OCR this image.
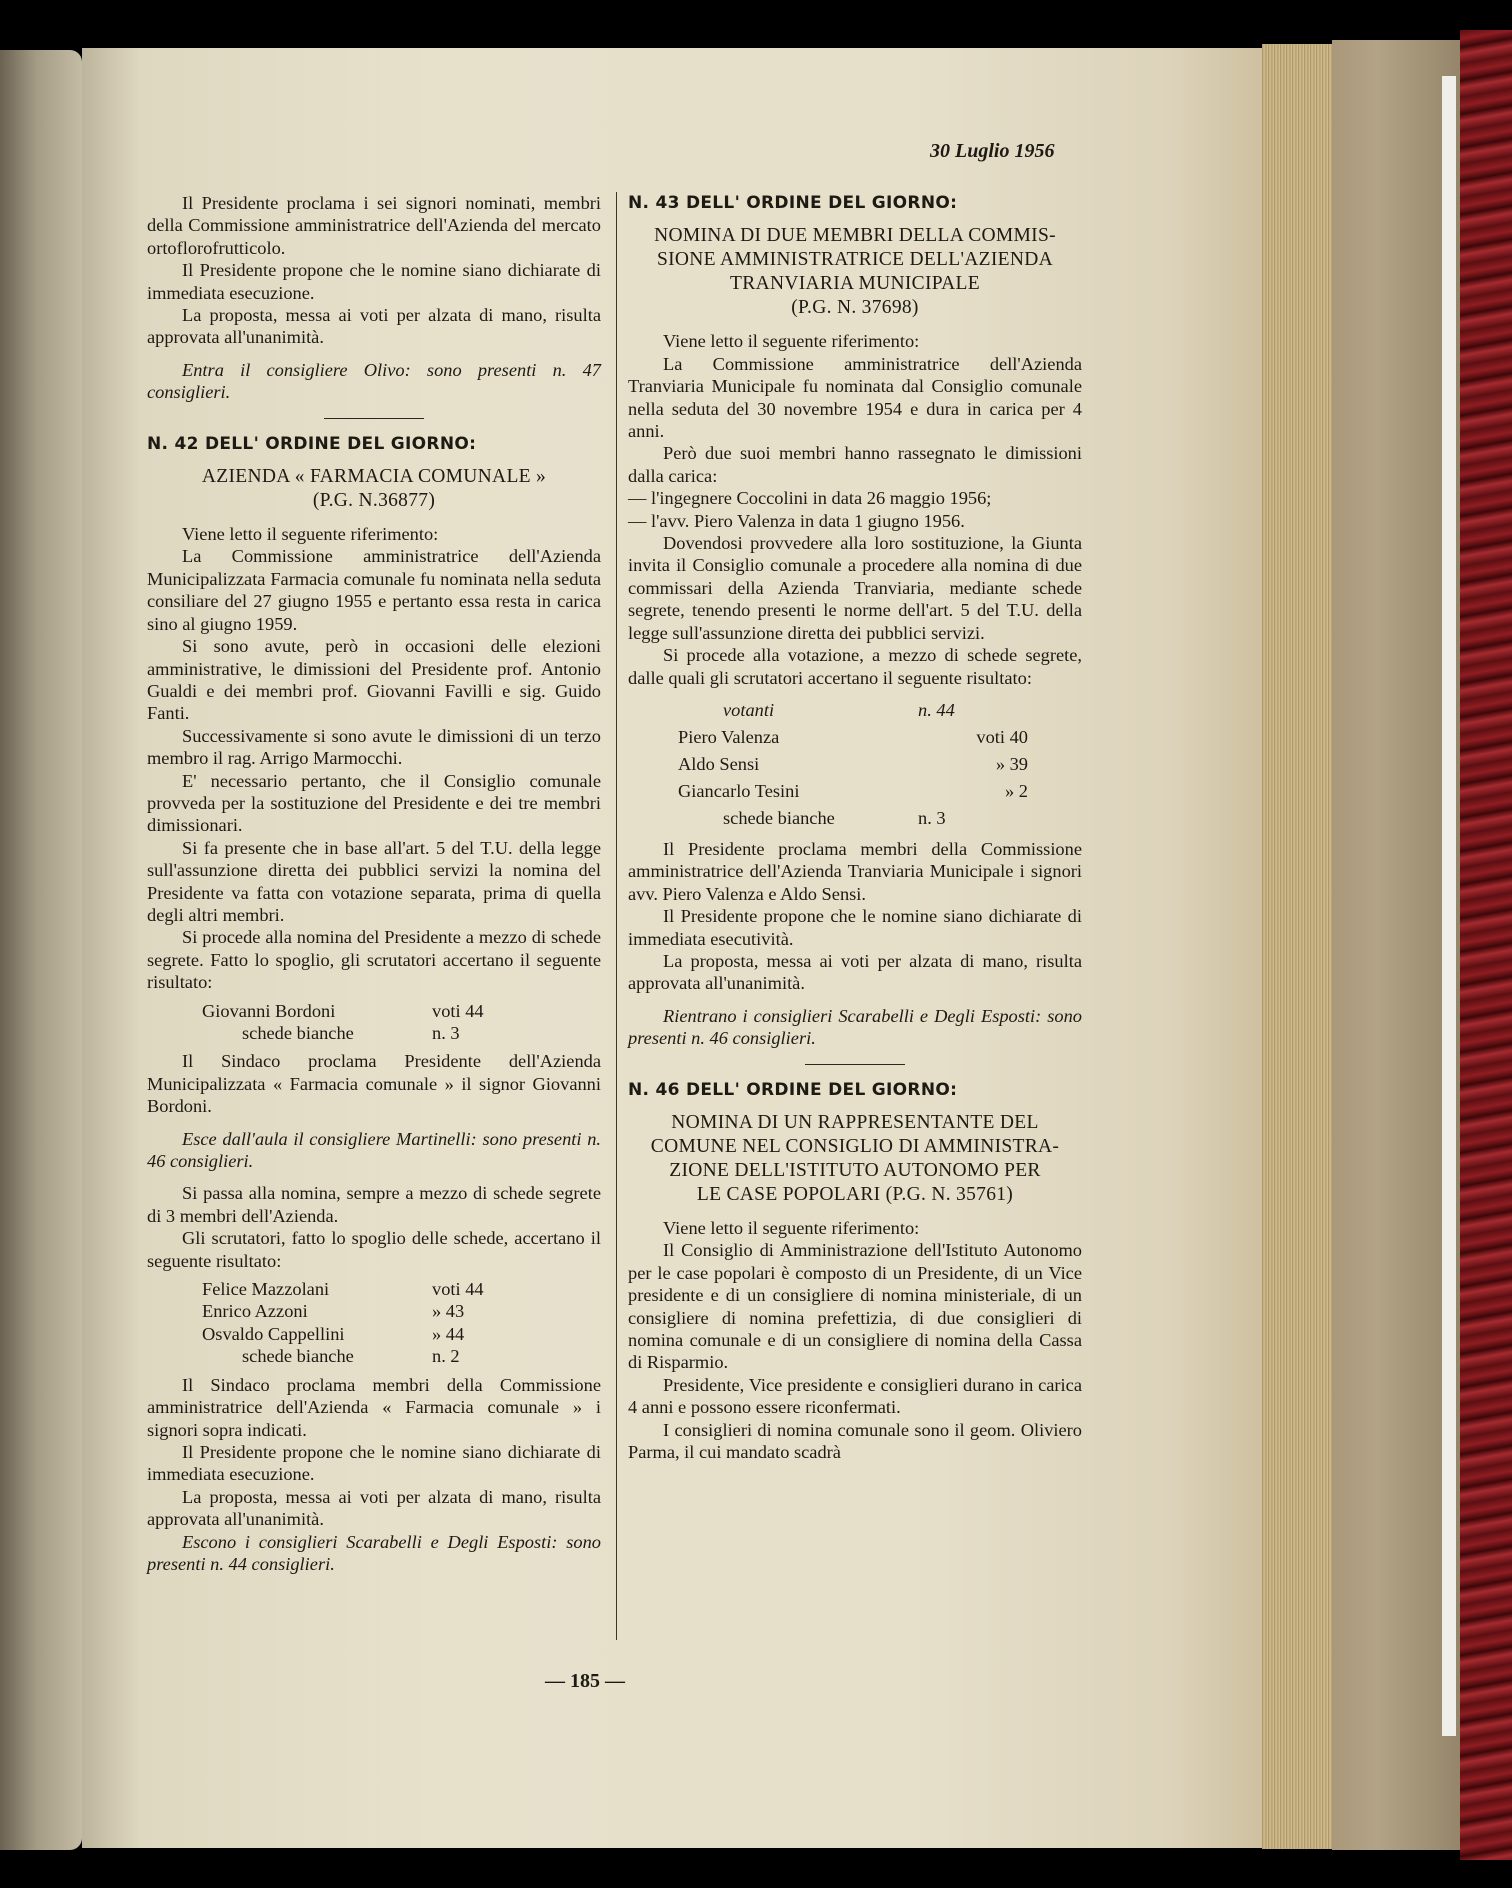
30 Luglio 1956

Il Presidente proclama i sei signori nominati, membri della Commissione amministratrice dell'Azienda del mercato ortoflorofrutticolo.

Il Presidente propone che le nomine siano dichiarate di immediata esecuzione.

La proposta, messa ai voti per alzata di mano, risulta approvata all'unanimità.

Entra il consigliere Olivo: sono presenti n. 47 consiglieri.

N. 42 DELL' ORDINE DEL GIORNO:
AZIENDA « FARMACIA COMUNALE »
(P.G. N.36877)

Viene letto il seguente riferimento:

La Commissione amministratrice dell'Azienda Municipalizzata Farmacia comunale fu nominata nella seduta consiliare del 27 giugno 1955 e pertanto essa resta in carica sino al giugno 1959.

Si sono avute, però in occasioni delle elezioni amministrative, le dimissioni del Presidente prof. Antonio Gualdi e dei membri prof. Giovanni Favilli e sig. Guido Fanti.

Successivamente si sono avute le dimissioni di un terzo membro il rag. Arrigo Marmocchi.

E' necessario pertanto, che il Consiglio comunale provveda per la sostituzione del Presidente e dei tre membri dimissionari.

Si fa presente che in base all'art. 5 del T.U. della legge sull'assunzione diretta dei pubblici servizi la nomina del Presidente va fatta con votazione separata, prima di quella degli altri membri.

Si procede alla nomina del Presidente a mezzo di schede segrete. Fatto lo spoglio, gli scrutatori accertano il seguente risultato:

Giovanni Bordoni	voti 44
schede bianche	n. 3

Il Sindaco proclama Presidente dell'Azienda Municipalizzata « Farmacia comunale » il signor Giovanni Bordoni.

Esce dall'aula il consigliere Martinelli: sono presenti n. 46 consiglieri.

Si passa alla nomina, sempre a mezzo di schede segrete di 3 membri dell'Azienda.

Gli scrutatori, fatto lo spoglio delle schede, accertano il seguente risultato:

Felice Mazzolani	voti 44
Enrico Azzoni	» 43
Osvaldo Cappellini	» 44
schede bianche	n. 2

Il Sindaco proclama membri della Commissione amministratrice dell'Azienda « Farmacia comunale » i signori sopra indicati.

Il Presidente propone che le nomine siano dichiarate di immediata esecuzione.

La proposta, messa ai voti per alzata di mano, risulta approvata all'unanimità.

Escono i consiglieri Scarabelli e Degli Esposti: sono presenti n. 44 consiglieri.

N. 43 DELL' ORDINE DEL GIORNO:
NOMINA DI DUE MEMBRI DELLA COMMIS-
SIONE AMMINISTRATRICE DELL'AZIENDA
TRANVIARIA MUNICIPALE
(P.G. N. 37698)

Viene letto il seguente riferimento:

La Commissione amministratrice dell'Azienda Tranviaria Municipale fu nominata dal Consiglio comunale nella seduta del 30 novembre 1954 e dura in carica per 4 anni.

Però due suoi membri hanno rassegnato le dimissioni dalla carica:

— l'ingegnere Coccolini in data 26 maggio 1956;

— l'avv. Piero Valenza in data 1 giugno 1956.

Dovendosi provvedere alla loro sostituzione, la Giunta invita il Consiglio comunale a procedere alla nomina di due commissari della Azienda Tranviaria, mediante schede segrete, tenendo presenti le norme dell'art. 5 del T.U. della legge sull'assunzione diretta dei pubblici servizi.

Si procede alla votazione, a mezzo di schede segrete, dalle quali gli scrutatori accertano il seguente risultato:

votanti	n. 44
Piero Valenza	voti 40
Aldo Sensi	» 39
Giancarlo Tesini	» 2
schede bianche	n. 3

Il Presidente proclama membri della Commissione amministratrice dell'Azienda Tranviaria Municipale i signori avv. Piero Valenza e Aldo Sensi.

Il Presidente propone che le nomine siano dichiarate di immediata esecutività.

La proposta, messa ai voti per alzata di mano, risulta approvata all'unanimità.

Rientrano i consiglieri Scarabelli e Degli Esposti: sono presenti n. 46 consiglieri.

N. 46 DELL' ORDINE DEL GIORNO:
NOMINA DI UN RAPPRESENTANTE DEL
COMUNE NEL CONSIGLIO DI AMMINISTRA-
ZIONE DELL'ISTITUTO AUTONOMO PER
LE CASE POPOLARI (P.G. N. 35761)

Viene letto il seguente riferimento:

Il Consiglio di Amministrazione dell'Istituto Autonomo per le case popolari è composto di un Presidente, di un Vice presidente e di un consigliere di nomina ministeriale, di un consigliere di nomina prefettizia, di due consiglieri di nomina comunale e di un consigliere di nomina della Cassa di Risparmio.

Presidente, Vice presidente e consiglieri durano in carica 4 anni e possono essere riconfermati.

I consiglieri di nomina comunale sono il geom. Oliviero Parma, il cui mandato scadrà

— 185 —
